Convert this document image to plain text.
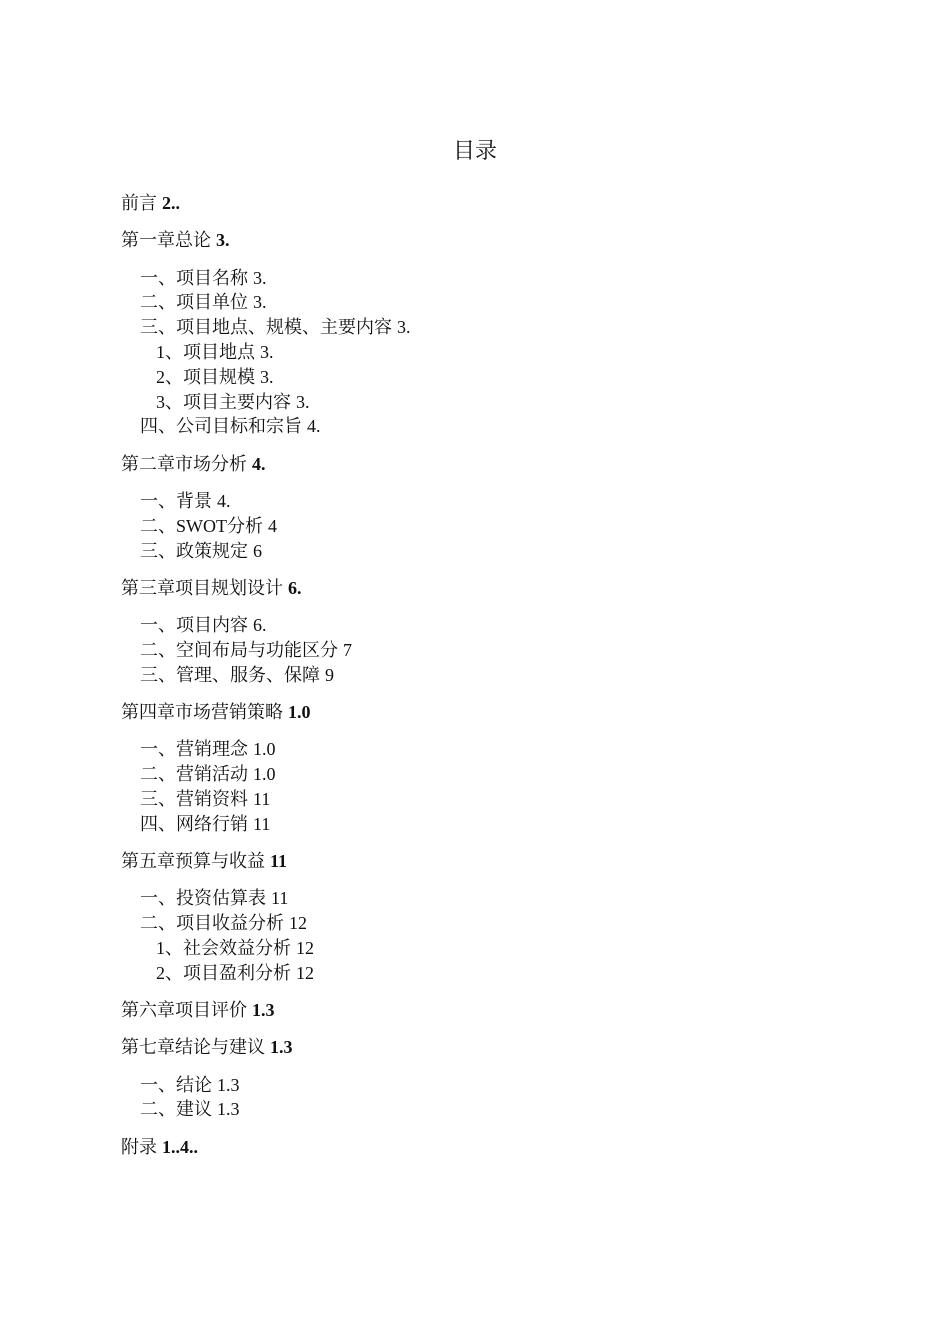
目录
前言 2..
第一章总论 3.
一、项目名称 3.
二、项目单位 3.
三、项目地点、规模、主要内容 3.
1、项目地点 3.
2、项目规模 3.
3、项目主要内容 3.
四、公司目标和宗旨 4.
第二章市场分析 4.
一、背景 4.
二、SWOT分析 4
三、政策规定 6
第三章项目规划设计 6.
一、项目内容 6.
二、空间布局与功能区分 7
三、管理、服务、保障 9
第四章市场营销策略 1.0
一、营销理念 1.0
二、营销活动 1.0
三、营销资料 11
四、网络行销 11
第五章预算与收益 11
一、投资估算表 11
二、项目收益分析 12
1、社会效益分析 12
2、项目盈利分析 12
第六章项目评价 1.3
第七章结论与建议 1.3
一、结论 1.3
二、建议 1.3
附录 1..4..
